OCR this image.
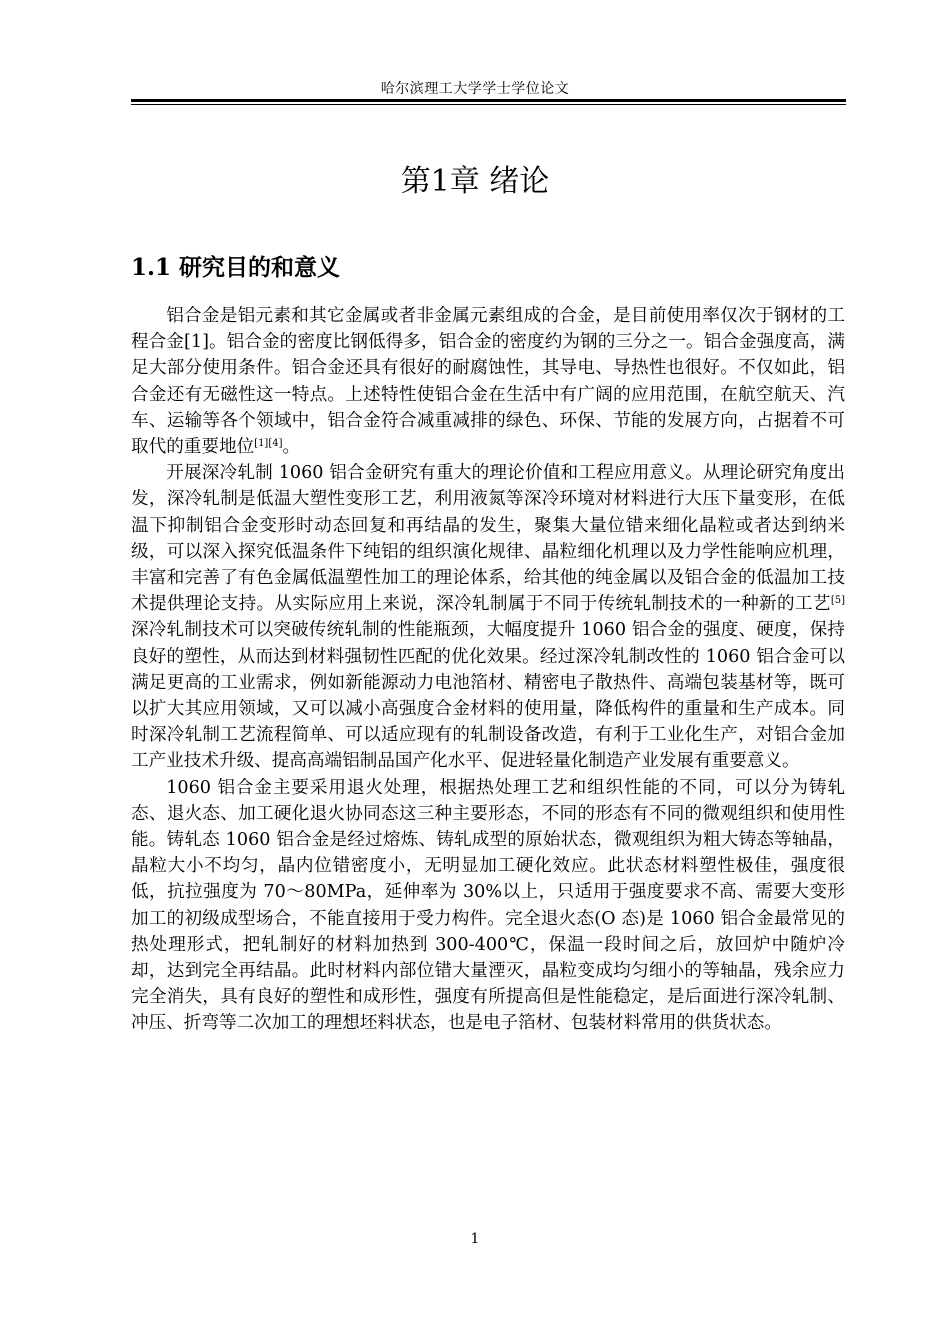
哈尔滨理工大学学士学位论文
第1章 绪论
1.1 研究目的和意义

铝合金是铝元素和其它金属或者非金属元素组成的合金，是目前使用率仅次于钢材的工程合金[1]。铝合金的密度比钢低得多，铝合金的密度约为钢的三分之一。铝合金强度高，满足大部分使用条件。铝合金还具有很好的耐腐蚀性，其导电、导热性也很好。不仅如此，铝合金还有无磁性这一特点。上述特性使铝合金在生活中有广阔的应用范围，在航空航天、汽车、运输等各个领域中，铝合金符合减重减排的绿色、环保、节能的发展方向，占据着不可取代的重要地位[1][4]。

开展深冷轧制 1060 铝合金研究有重大的理论价值和工程应用意义。从理论研究角度出发，深冷轧制是低温大塑性变形工艺，利用液氮等深冷环境对材料进行大压下量变形，在低温下抑制铝合金变形时动态回复和再结晶的发生，聚集大量位错来细化晶粒或者达到纳米级，可以深入探究低温条件下纯铝的组织演化规律、晶粒细化机理以及力学性能响应机理，丰富和完善了有色金属低温塑性加工的理论体系，给其他的纯金属以及铝合金的低温加工技术提供理论支持。从实际应用上来说，深冷轧制属于不同于传统轧制技术的一种新的工艺[5]深冷轧制技术可以突破传统轧制的性能瓶颈，大幅度提升 1060 铝合金的强度、硬度，保持良好的塑性，从而达到材料强韧性匹配的优化效果。经过深冷轧制改性的 1060 铝合金可以满足更高的工业需求，例如新能源动力电池箔材、精密电子散热件、高端包装基材等，既可以扩大其应用领域，又可以减小高强度合金材料的使用量，降低构件的重量和生产成本。同时深冷轧制工艺流程简单、可以适应现有的轧制设备改造，有利于工业化生产，对铝合金加工产业技术升级、提高高端铝制品国产化水平、促进轻量化制造产业发展有重要意义。

1060 铝合金主要采用退火处理，根据热处理工艺和组织性能的不同，可以分为铸轧态、退火态、加工硬化退火协同态这三种主要形态，不同的形态有不同的微观组织和使用性能。铸轧态 1060 铝合金是经过熔炼、铸轧成型的原始状态，微观组织为粗大铸态等轴晶，晶粒大小不均匀，晶内位错密度小，无明显加工硬化效应。此状态材料塑性极佳，强度很低，抗拉强度为 70～80MPa，延伸率为 30%以上，只适用于强度要求不高、需要大变形加工的初级成型场合，不能直接用于受力构件。完全退火态(O 态)是 1060 铝合金最常见的热处理形式，把轧制好的材料加热到 300-400℃，保温一段时间之后，放回炉中随炉冷却，达到完全再结晶。此时材料内部位错大量湮灭，晶粒变成均匀细小的等轴晶，残余应力完全消失，具有良好的塑性和成形性，强度有所提高但是性能稳定，是后面进行深冷轧制、冲压、折弯等二次加工的理想坯料状态，也是电子箔材、包装材料常用的供货状态。

1
